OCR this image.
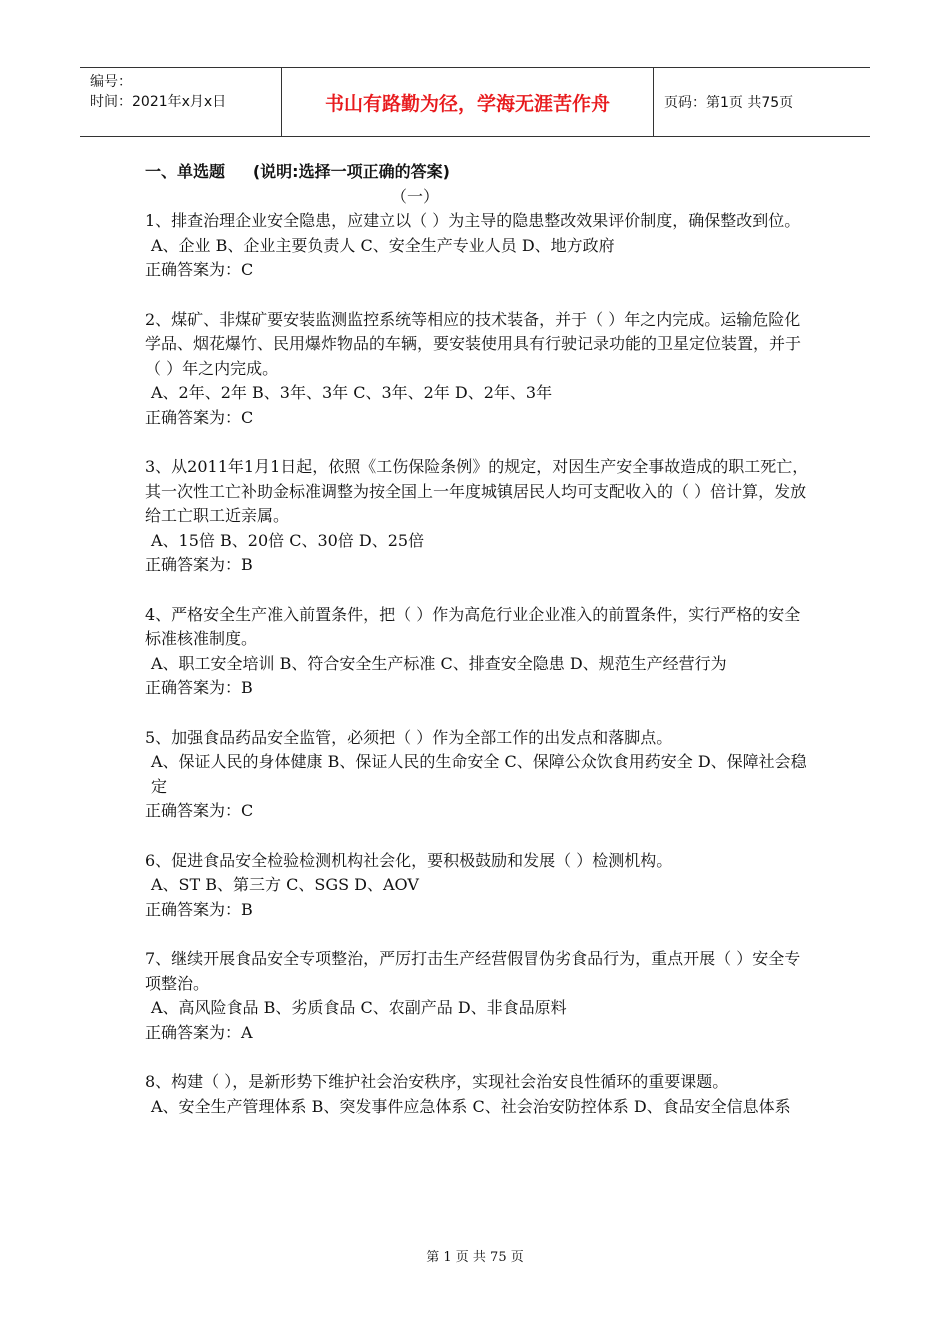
编号：
时间：2021年x月x日	书山有路勤为径，学海无涯苦作舟	页码：第1页 共75页
一、单选题     (说明:选择一项正确的答案)
（一）
1、排查治理企业安全隐患，应建立以（ ）为主导的隐患整改效果评价制度，确保整改到位。
A、企业 B、企业主要负责人 C、安全生产专业人员 D、地方政府
正确答案为：C
2、煤矿、非煤矿要安装监测监控系统等相应的技术装备，并于（ ）年之内完成。运输危险化学品、烟花爆竹、民用爆炸物品的车辆，要安装使用具有行驶记录功能的卫星定位装置，并于（ ）年之内完成。
A、2年、2年 B、3年、3年 C、3年、2年 D、2年、3年
正确答案为：C
3、从2011年1月1日起，依照《工伤保险条例》的规定，对因生产安全事故造成的职工死亡，其一次性工亡补助金标准调整为按全国上一年度城镇居民人均可支配收入的（ ）倍计算，发放给工亡职工近亲属。
A、15倍 B、20倍 C、30倍 D、25倍
正确答案为：B
4、严格安全生产准入前置条件，把（ ）作为高危行业企业准入的前置条件，实行严格的安全标准核准制度。
A、职工安全培训 B、符合安全生产标准 C、排查安全隐患 D、规范生产经营行为
正确答案为：B
5、加强食品药品安全监管，必须把（ ）作为全部工作的出发点和落脚点。
A、保证人民的身体健康 B、保证人民的生命安全 C、保障公众饮食用药安全 D、保障社会稳定
正确答案为：C
6、促进食品安全检验检测机构社会化，要积极鼓励和发展（ ）检测机构。
A、ST B、第三方 C、SGS D、AOV
正确答案为：B
7、继续开展食品安全专项整治，严厉打击生产经营假冒伪劣食品行为，重点开展（ ）安全专项整治。
A、高风险食品 B、劣质食品 C、农副产品 D、非食品原料
正确答案为：A
8、构建（ ），是新形势下维护社会治安秩序，实现社会治安良性循环的重要课题。
A、安全生产管理体系 B、突发事件应急体系 C、社会治安防控体系 D、食品安全信息体系
第 1 页 共 75 页
